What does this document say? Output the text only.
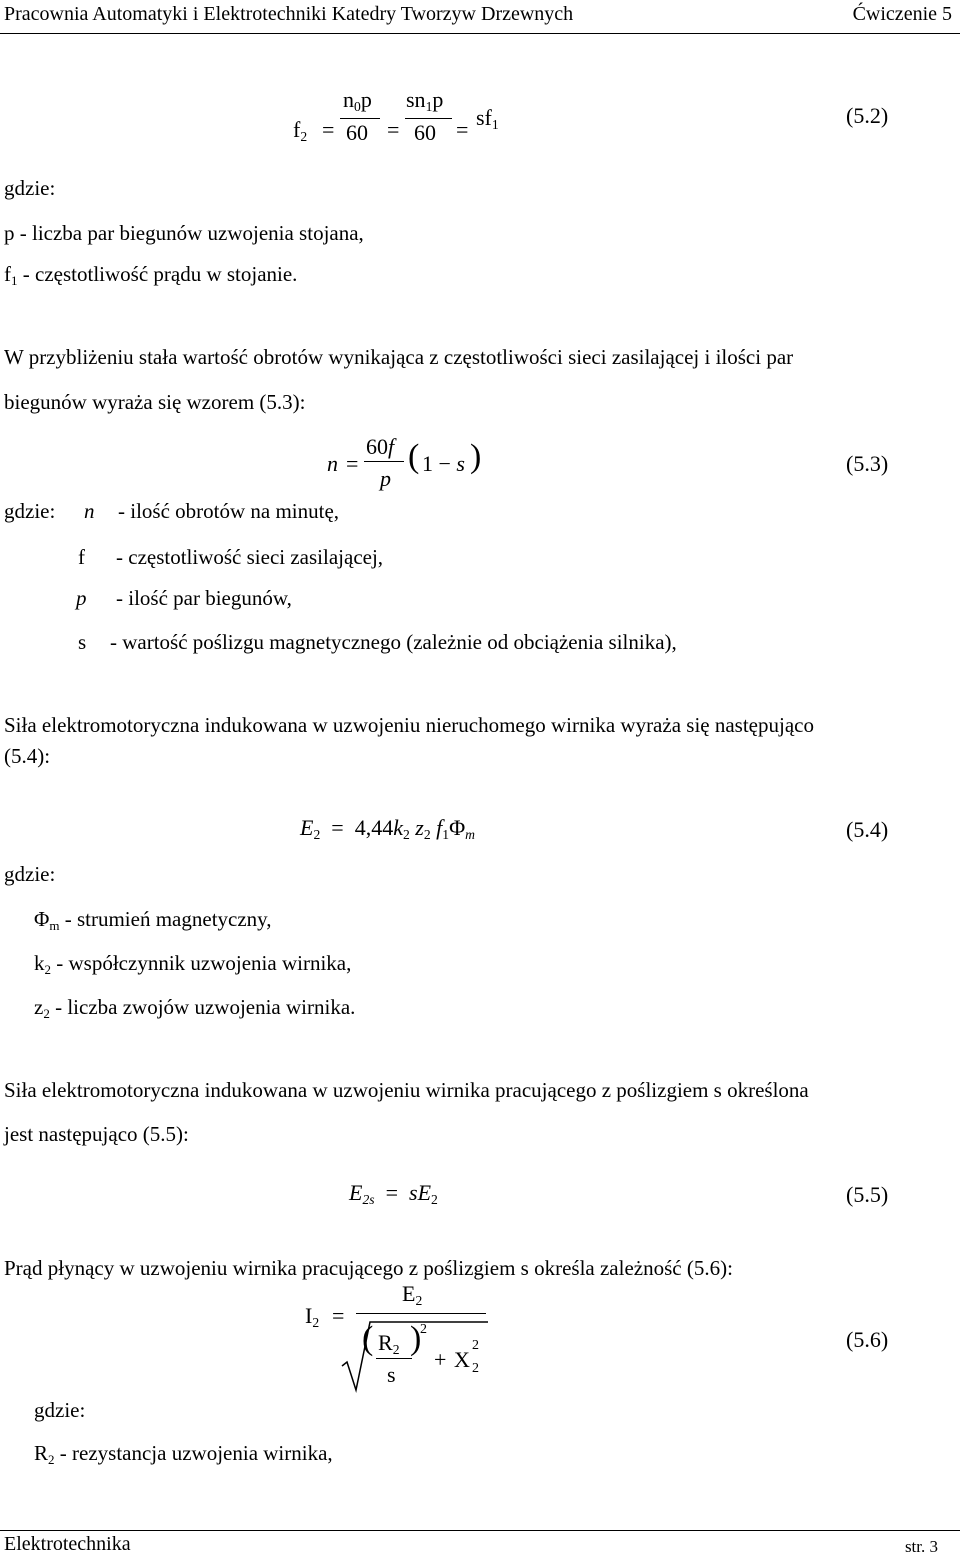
Pracownia Automatyki i Elektrotechniki Katedry Tworzyw Drzewnych	Ćwiczenie 5
$f_2$ =
$n_0p$
60 =
$sn_1p$
$60 = sf_1$	(5.2)
gdzie:
p - liczba par biegunów uzwojenia stojana,
$f_1$ - częstotliwość prądu w stojanie.
W przybliżeniu stała wartość obrotów wynikająca z częstotliwości sieci zasilającej i ilości par
biegunów wyraża się wzorem (5.3):
n =
60f
p
( 1 − s )	(5.3)
gdzie: n - ilość obrotów na minutę,
f - częstotliwość sieci zasilającej,
p - ilość par biegunów,
s - wartość poślizgu magnetycznego (zależnie od obciążenia silnika),
Siła elektromotoryczna indukowana w uzwojeniu nieruchomego wirnika wyraża się następująco
(5.4):
$E_2 = 4,44k_2$ $z_2$ $f_1\Phi_m$	(5.4)
gdzie:
$\Phi_m$ - strumień magnetyczny,
$k_2$ - współczynnik uzwojenia wirnika,
$z_2$ - liczba zwojów uzwojenia wirnika.
Siła elektromotoryczna indukowana w uzwojeniu wirnika pracującego z poślizgiem s określona
jest następująco (5.5):
$E_{2s} = sE_2$	(5.5)
Prąd płynący w uzwojeniu wirnika pracującego z poślizgiem s określa zależność (5.6):
$I_2$ =
$E_2$
( $R_2$
s
)
2
+ X
2
2
(5.6)
gdzie:
$R_2$ - rezystancja uzwojenia wirnika,
Elektrotechnika	str. 3
